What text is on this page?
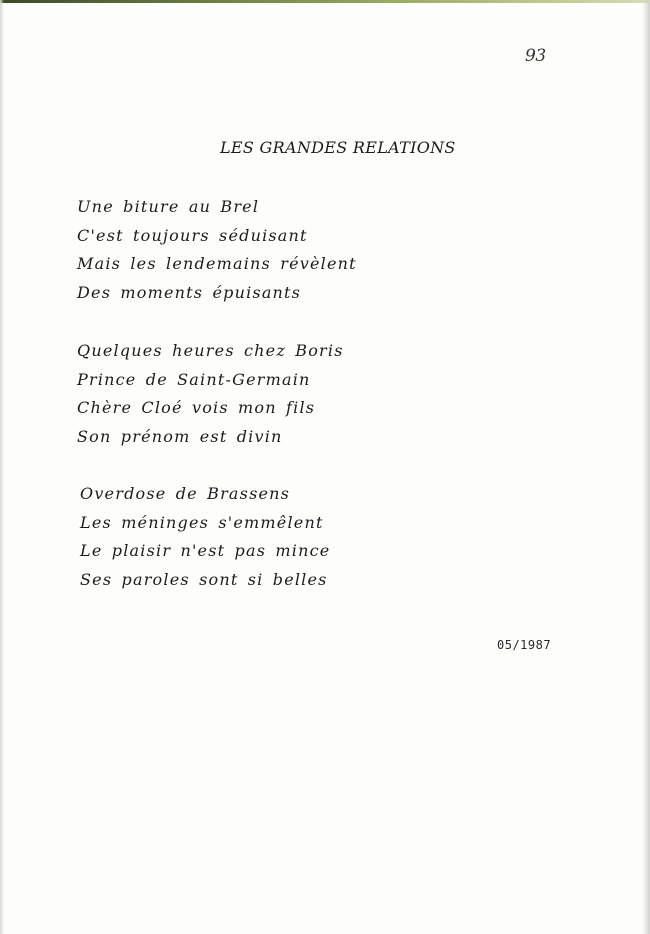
93
LES GRANDES RELATIONS
Une biture au Brel
C'est toujours séduisant
Mais les lendemains révèlent
Des moments épuisants
Quelques heures chez Boris
Prince de Saint-Germain
Chère Cloé vois mon fils
Son prénom est divin
Overdose de Brassens
Les méninges s'emmêlent
Le plaisir n'est pas mince
Ses paroles sont si belles
05/1987
